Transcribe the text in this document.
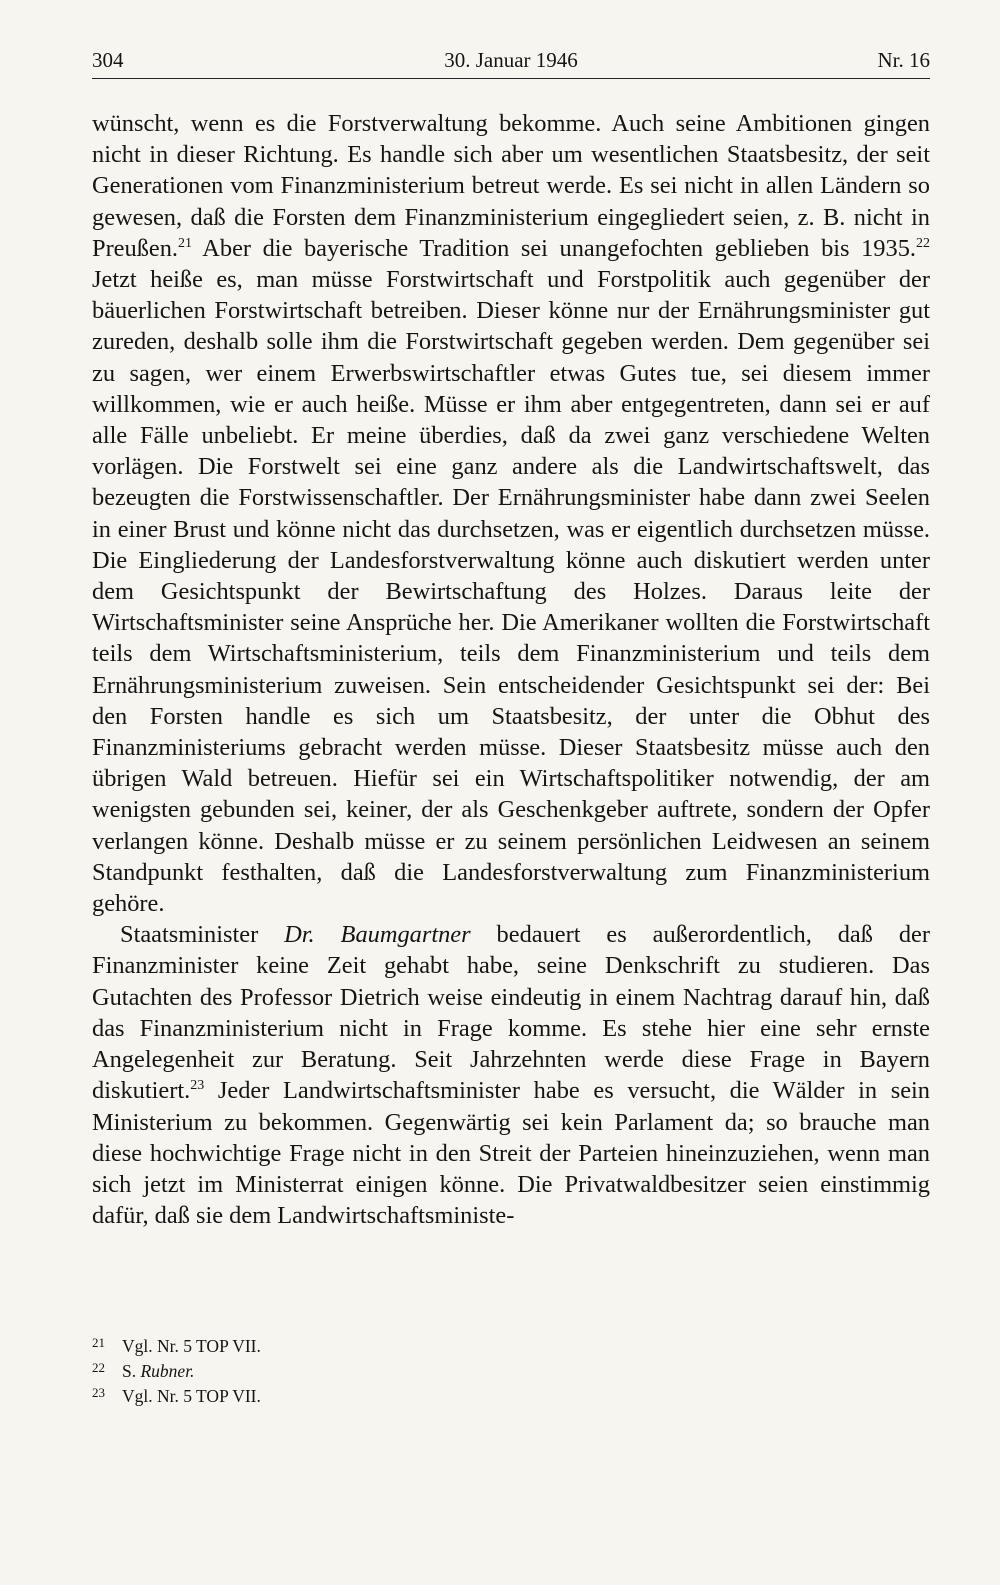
304	30. Januar 1946	Nr. 16

wünscht, wenn es die Forstverwaltung bekomme. Auch seine Ambitionen gingen nicht in dieser Richtung. Es handle sich aber um wesentlichen Staatsbesitz, der seit Generationen vom Finanzministerium betreut werde. Es sei nicht in allen Ländern so gewesen, daß die Forsten dem Finanzministerium eingegliedert seien, z. B. nicht in Preußen.$^{21}$ Aber die bayerische Tradition sei unangefochten geblieben bis 1935.22 Jetzt heiße es, man müsse Forstwirtschaft und Forstpolitik auch gegenüber der bäuerlichen Forstwirtschaft betreiben. Dieser könne nur der Ernährungsminister gut zureden, deshalb solle ihm die Forstwirtschaft gegeben werden. Dem gegenüber sei zu sagen, wer einem Erwerbswirtschaftler etwas Gutes tue, sei diesem immer willkommen, wie er auch heiße. Müsse er ihm aber entgegentreten, dann sei er auf alle Fälle unbeliebt. Er meine überdies, daß da zwei ganz verschiedene Welten vorlägen. Die Forstwelt sei eine ganz andere als die Landwirtschaftswelt, das bezeugten die Forstwissenschaftler. Der Ernährungsminister habe dann zwei Seelen in einer Brust und könne nicht das durchsetzen, was er eigentlich durchsetzen müsse. Die Eingliederung der Landesforstverwaltung könne auch diskutiert werden unter dem Gesichtspunkt der Bewirtschaftung des Holzes. Daraus leite der Wirtschaftsminister seine Ansprüche her. Die Amerikaner wollten die Forstwirtschaft teils dem Wirtschaftsministerium, teils dem Finanzministerium und teils dem Ernährungsministerium zuweisen. Sein entscheidender Gesichtspunkt sei der: Bei den Forsten handle es sich um Staatsbesitz, der unter die Obhut des Finanzministeriums gebracht werden müsse. Dieser Staatsbesitz müsse auch den übrigen Wald betreuen. Hiefür sei ein Wirtschaftspolitiker notwendig, der am wenigsten gebunden sei, keiner, der als Geschenkgeber auftrete, sondern der Opfer verlangen könne. Deshalb müsse er zu seinem persönlichen Leidwesen an seinem Standpunkt festhalten, daß die Landesforstverwaltung zum Finanzministerium gehöre.

Staatsminister Dr. Baumgartner bedauert es außerordentlich, daß der Finanzminister keine Zeit gehabt habe, seine Denkschrift zu studieren. Das Gutachten des Professor Dietrich weise eindeutig in einem Nachtrag darauf hin, daß das Finanzministerium nicht in Frage komme. Es stehe hier eine sehr ernste Angelegenheit zur Beratung. Seit Jahrzehnten werde diese Frage in Bayern diskutiert.$^{23}$ Jeder Landwirtschaftsminister habe es versucht, die Wälder in sein Ministerium zu bekommen. Gegenwärtig sei kein Parlament da; so brauche man diese hochwichtige Frage nicht in den Streit der Parteien hineinzuziehen, wenn man sich jetzt im Ministerrat einigen könne. Die Privatwaldbesitzer seien einstimmig dafür, daß sie dem Landwirtschaftsministe-

21 Vgl. Nr. 5 TOP VII.
22 S. Rubner.
23 Vgl. Nr. 5 TOP VII.
